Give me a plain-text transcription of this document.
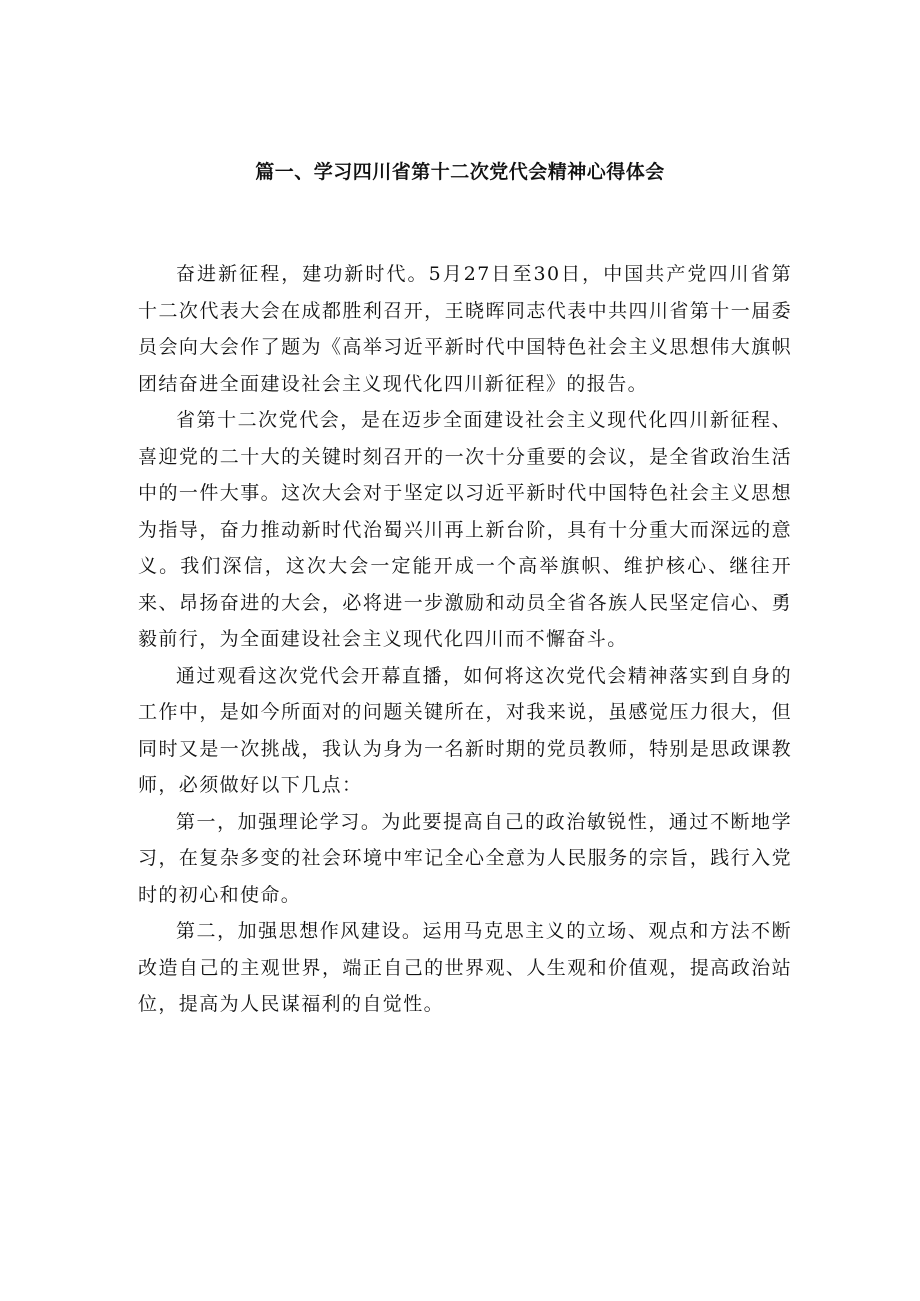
篇一、学习四川省第十二次党代会精神心得体会

奋进新征程，建功新时代。5月27日至30日，中国共产党四川省第十二次代表大会在成都胜利召开，王晓晖同志代表中共四川省第十一届委员会向大会作了题为《高举习近平新时代中国特色社会主义思想伟大旗帜团结奋进全面建设社会主义现代化四川新征程》的报告。

省第十二次党代会，是在迈步全面建设社会主义现代化四川新征程、喜迎党的二十大的关键时刻召开的一次十分重要的会议，是全省政治生活中的一件大事。这次大会对于坚定以习近平新时代中国特色社会主义思想为指导，奋力推动新时代治蜀兴川再上新台阶，具有十分重大而深远的意义。我们深信，这次大会一定能开成一个高举旗帜、维护核心、继往开来、昂扬奋进的大会，必将进一步激励和动员全省各族人民坚定信心、勇毅前行，为全面建设社会主义现代化四川而不懈奋斗。

通过观看这次党代会开幕直播，如何将这次党代会精神落实到自身的工作中，是如今所面对的问题关键所在，对我来说，虽感觉压力很大，但同时又是一次挑战，我认为身为一名新时期的党员教师，特别是思政课教师，必须做好以下几点：

第一，加强理论学习。为此要提高自己的政治敏锐性，通过不断地学习，在复杂多变的社会环境中牢记全心全意为人民服务的宗旨，践行入党时的初心和使命。

第二，加强思想作风建设。运用马克思主义的立场、观点和方法不断改造自己的主观世界，端正自己的世界观、人生观和价值观，提高政治站位，提高为人民谋福利的自觉性。
